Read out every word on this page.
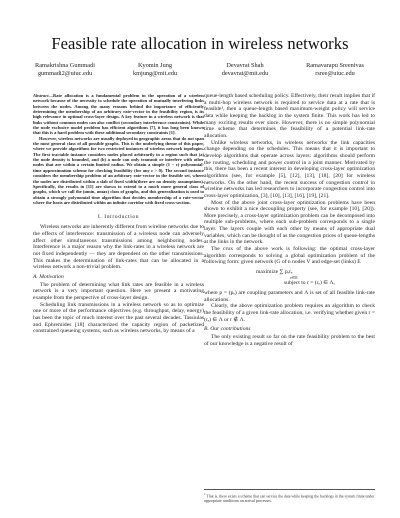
Feasible rate allocation in wireless networks
Ramakrishna Gummadi
gummadi2@uiuc.edu
Kyomin Jung
kmjung@mit.edu
Devavrat Shah
devavrat@mit.edu
Ramavarapu Sreenivas
rsree@uiuc.edu

Abstract—Rate allocation is a fundamental problem in the operation of a wireless network because of the necessity to schedule the operation of mutually interfering links between the nodes. Among the many reasons behind the importance of efficiently determining the membership of an arbitrary rate-vector in the feasibility region, is its high relevance in optimal cross-layer design. A key feature in a wireless network is that links without common nodes can also conflict (secondary interference constraints). While the node exclusive model problem has efficient algorithms [7], it has long been known that this is a hard problem with these additional secondary constraints [1].

However, wireless networks are usually deployed in geographic areas that do not span the most general class of all possible graphs. This is the underlying theme of this paper, where we provide algorithms for two restricted instances of wireless network topologies. The first tractable instance considers nodes placed arbitrarily in a region such that (a) the node density is bounded, and (b) a node can only transmit or interfere with other nodes that are within a certain limited radius. We obtain a simple (1 − ε) polynomial-time approximation scheme for checking feasibility (for any ε > 0). The second instance considers the membership problem of an arbitrary rate-vector in the feasible set, where the nodes are distributed within a slab of fixed width(there are no density assumptions). Specifically, the results in [11] are shown to extend to a much more general class of graphs, which we call the (αmin, αmax) class of graphs, and this generalization is used to obtain a strongly polynomial time algorithm that decides membership of a rate-vector where the hosts are distributed within an infinite corridor with fixed cross-section.

I. Introduction

Wireless networks are inherently different from wireline networks due to the effects of interference: transmission of a wireless node can adversely affect other simultaneous transmissions among neighboring nodes. Interference is a major reason why the link-rates in a wireless network are not fixed independently — they are dependent on the other transmissions. This makes the determination of link-rates that can be allocated in a wireless network a non-trivial problem.

A. Motivation

The problem of determining what link rates are feasible in a wireless network is a very important question. Here we present a motivating example from the perspective of cross-layer design.

Scheduling link transmissions in a wireless network so as to optimize one or more of the performance objectives (e.g. throughput, delay, energy) has been the topic of much interest over the past several decades. Tassiulas and Ephremides [18] characterized the capacity region of packetized constrained queueing systems, such as wireless networks, by means of a

queue-length based scheduling policy. Effectively, their result implies that if a multi-hop wireless network is required to service data at a rate that is feasible¹, then a queue-length based maximum-weight policy will service data while keeping the backlog in the system finite. This work has led to many exciting results ever since. However, there is no simple polynomial time scheme that determines the feasibility of a potential link-rate allocation.

Unlike wireless networks, in wireless networks the link capacities change depending on the schedules. This means that it is important to develop algorithms that operate across layers: algorithms should perform the routing, scheduling and power control in a joint manner. Motivated by this, there has been a recent interest in developing cross-layer optimization algorithms (see, for example [5], [12], [13], [18], [20] for wireless networks. On the other hand, the recent success of congestion control in wireline networks has led researchers to incorporate congestion control into cross-layer optimization, [3], [10], [13], [16], [19], [21].

Most of the above joint cross-layer optimization problems have been shown to exhibit a nice decoupling property (see, for example [10], [20]). More precisely, a cross-layer optimization problem can be decomposed into multiple sub-problems, where each sub-problem corresponds to a single layer. The layers couple with each other by means of appropriate dual variables, which can be thought of as the congestion prices of queue-lengths at the links in the network.

The crux of the above work is following: the optimal cross-layer algorithm corresponds to solving a global optimization problem of the following form: given network (G of n nodes V and edge-set (links) E

maximize ∑ pₑrₑ
e∈E
subject to r = (rₑ) ∈ Λ,

where p = (pₑ) are coupling parameters and Λ is set of all feasible link-rate allocations.

Clearly, the above optimization problem requires an algorithm to check the feasibility of a given link-rate allocation, i.e. verifying whether given r = (rₑ) ∈ Λ or r ∉ Λ.

B. Our contributions

The only existing result so far on the rate feasibility problem to the best of our knowledge is a negative result of

$^1$ That is, there exists a scheme that can service the data while keeping the backlogs in the system finite under appropriate conditions on arrival processes.
